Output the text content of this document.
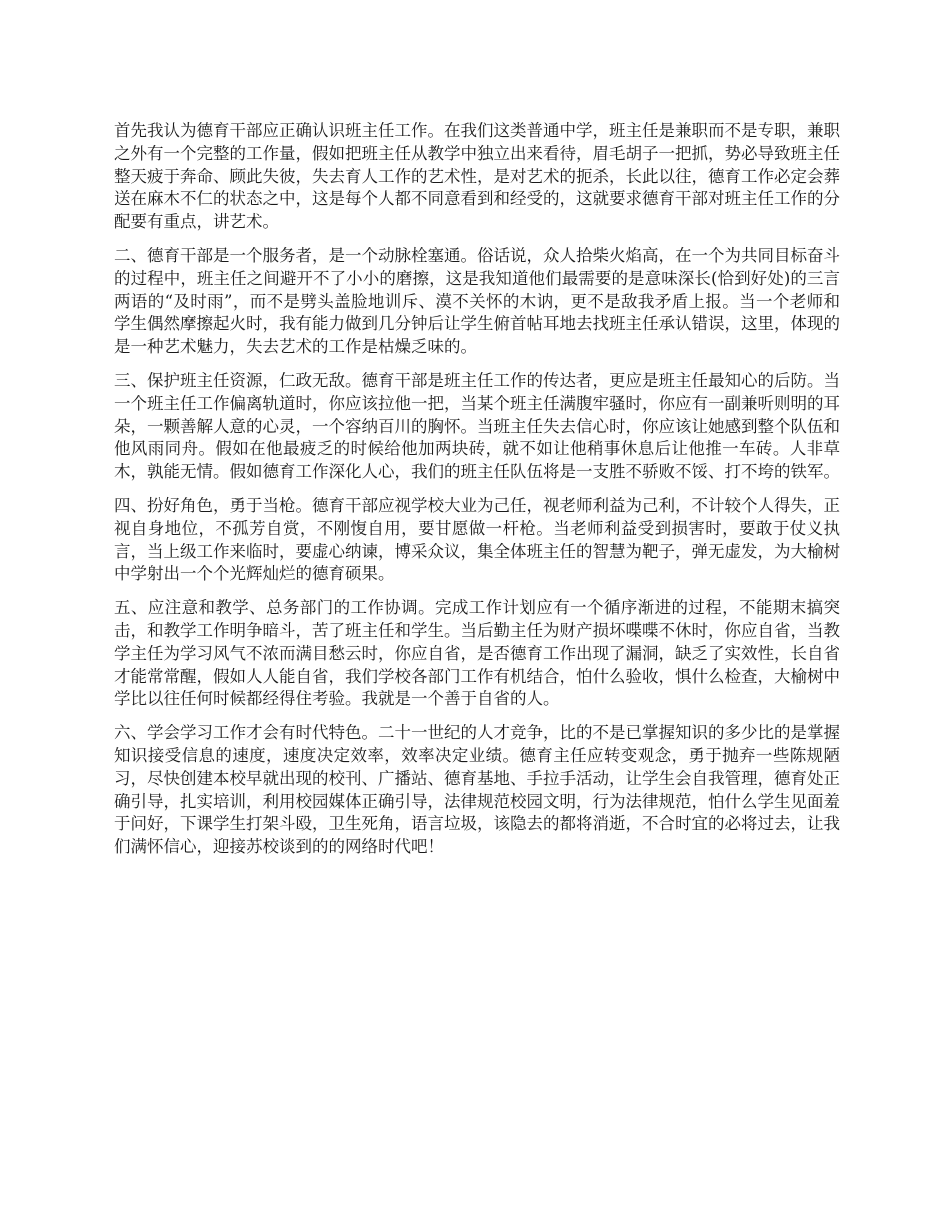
首先我认为德育干部应正确认识班主任工作。在我们这类普通中学，班主任是兼职而不是专职，兼职之外有一个完整的工作量，假如把班主任从教学中独立出来看待，眉毛胡子一把抓，势必导致班主任整天疲于奔命、顾此失彼，失去育人工作的艺术性，是对艺术的扼杀，长此以往，德育工作必定会葬送在麻木不仁的状态之中，这是每个人都不同意看到和经受的，这就要求德育干部对班主任工作的分配要有重点，讲艺术。

二、德育干部是一个服务者，是一个动脉栓塞通。俗话说，众人拾柴火焰高，在一个为共同目标奋斗的过程中，班主任之间避开不了小小的磨擦，这是我知道他们最需要的是意味深长(恰到好处)的三言两语的“及时雨”，而不是劈头盖脸地训斥、漠不关怀的木讷，更不是敌我矛盾上报。当一个老师和学生偶然摩擦起火时，我有能力做到几分钟后让学生俯首帖耳地去找班主任承认错误，这里，体现的是一种艺术魅力，失去艺术的工作是枯燥乏味的。

三、保护班主任资源，仁政无敌。德育干部是班主任工作的传达者，更应是班主任最知心的后防。当一个班主任工作偏离轨道时，你应该拉他一把，当某个班主任满腹牢骚时，你应有一副兼听则明的耳朵，一颗善解人意的心灵，一个容纳百川的胸怀。当班主任失去信心时，你应该让她感到整个队伍和他风雨同舟。假如在他最疲乏的时候给他加两块砖，就不如让他稍事休息后让他推一车砖。人非草木，孰能无情。假如德育工作深化人心，我们的班主任队伍将是一支胜不骄败不馁、打不垮的铁军。

四、扮好角色，勇于当枪。德育干部应视学校大业为己任，视老师利益为己利，不计较个人得失，正视自身地位，不孤芳自赏，不刚愎自用，要甘愿做一杆枪。当老师利益受到损害时，要敢于仗义执言，当上级工作来临时，要虚心纳谏，博采众议，集全体班主任的智慧为靶子，弹无虚发，为大榆树中学射出一个个光辉灿烂的德育硕果。

五、应注意和教学、总务部门的工作协调。完成工作计划应有一个循序渐进的过程，不能期末搞突击，和教学工作明争暗斗，苦了班主任和学生。当后勤主任为财产损坏喋喋不休时，你应自省，当教学主任为学习风气不浓而满目愁云时，你应自省，是否德育工作出现了漏洞，缺乏了实效性，长自省才能常常醒，假如人人能自省，我们学校各部门工作有机结合，怕什么验收，惧什么检查，大榆树中学比以往任何时候都经得住考验。我就是一个善于自省的人。

六、学会学习工作才会有时代特色。二十一世纪的人才竞争，比的不是已掌握知识的多少比的是掌握知识接受信息的速度，速度决定效率，效率决定业绩。德育主任应转变观念，勇于抛弃一些陈规陋习，尽快创建本校早就出现的校刊、广播站、德育基地、手拉手活动，让学生会自我管理，德育处正确引导，扎实培训，利用校园媒体正确引导，法律规范校园文明，行为法律规范，怕什么学生见面羞于问好，下课学生打架斗殴，卫生死角，语言垃圾，该隐去的都将消逝，不合时宜的必将过去，让我们满怀信心，迎接苏校谈到的的网络时代吧！
